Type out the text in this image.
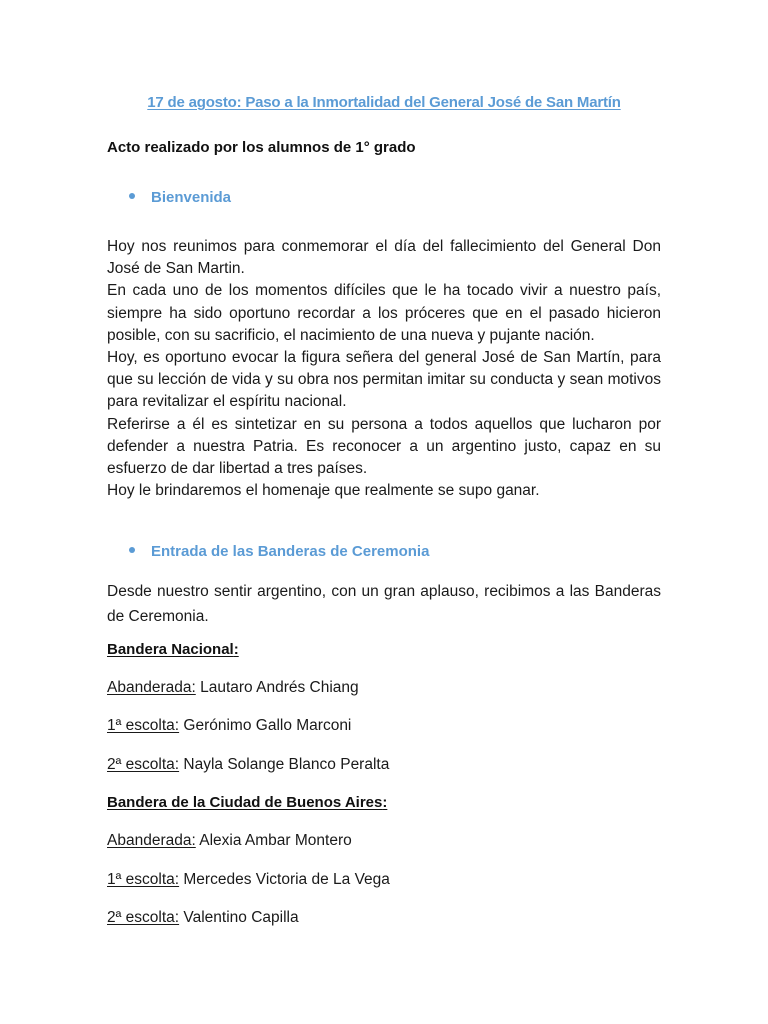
17 de agosto: Paso a la Inmortalidad del General José de San Martín
Acto realizado por los alumnos de 1° grado
Bienvenida

Hoy nos reunimos para conmemorar el día del fallecimiento del General Don José de San Martin.

En cada uno de los momentos difíciles que le ha tocado vivir a nuestro país, siempre ha sido oportuno recordar a los próceres que en el pasado hicieron posible, con su sacrificio, el nacimiento de una nueva y pujante nación.

Hoy, es oportuno evocar la figura señera del general José de San Martín, para que su lección de vida y su obra nos permitan imitar su conducta y sean motivos para revitalizar el espíritu nacional.

Referirse a él es sintetizar en su persona a todos aquellos que lucharon por defender a nuestra Patria. Es reconocer a un argentino justo, capaz en su esfuerzo de dar libertad a tres países.

Hoy le brindaremos el homenaje que realmente se supo ganar.

Entrada de las Banderas de Ceremonia

Desde nuestro sentir argentino, con un gran aplauso, recibimos a las Banderas de Ceremonia.

Bandera Nacional:
Abanderada: Lautaro Andrés Chiang
1ª escolta: Gerónimo Gallo Marconi
2ª escolta: Nayla Solange Blanco Peralta
Bandera de la Ciudad de Buenos Aires:
Abanderada: Alexia Ambar Montero
1ª escolta: Mercedes Victoria de La Vega
2ª escolta: Valentino Capilla
